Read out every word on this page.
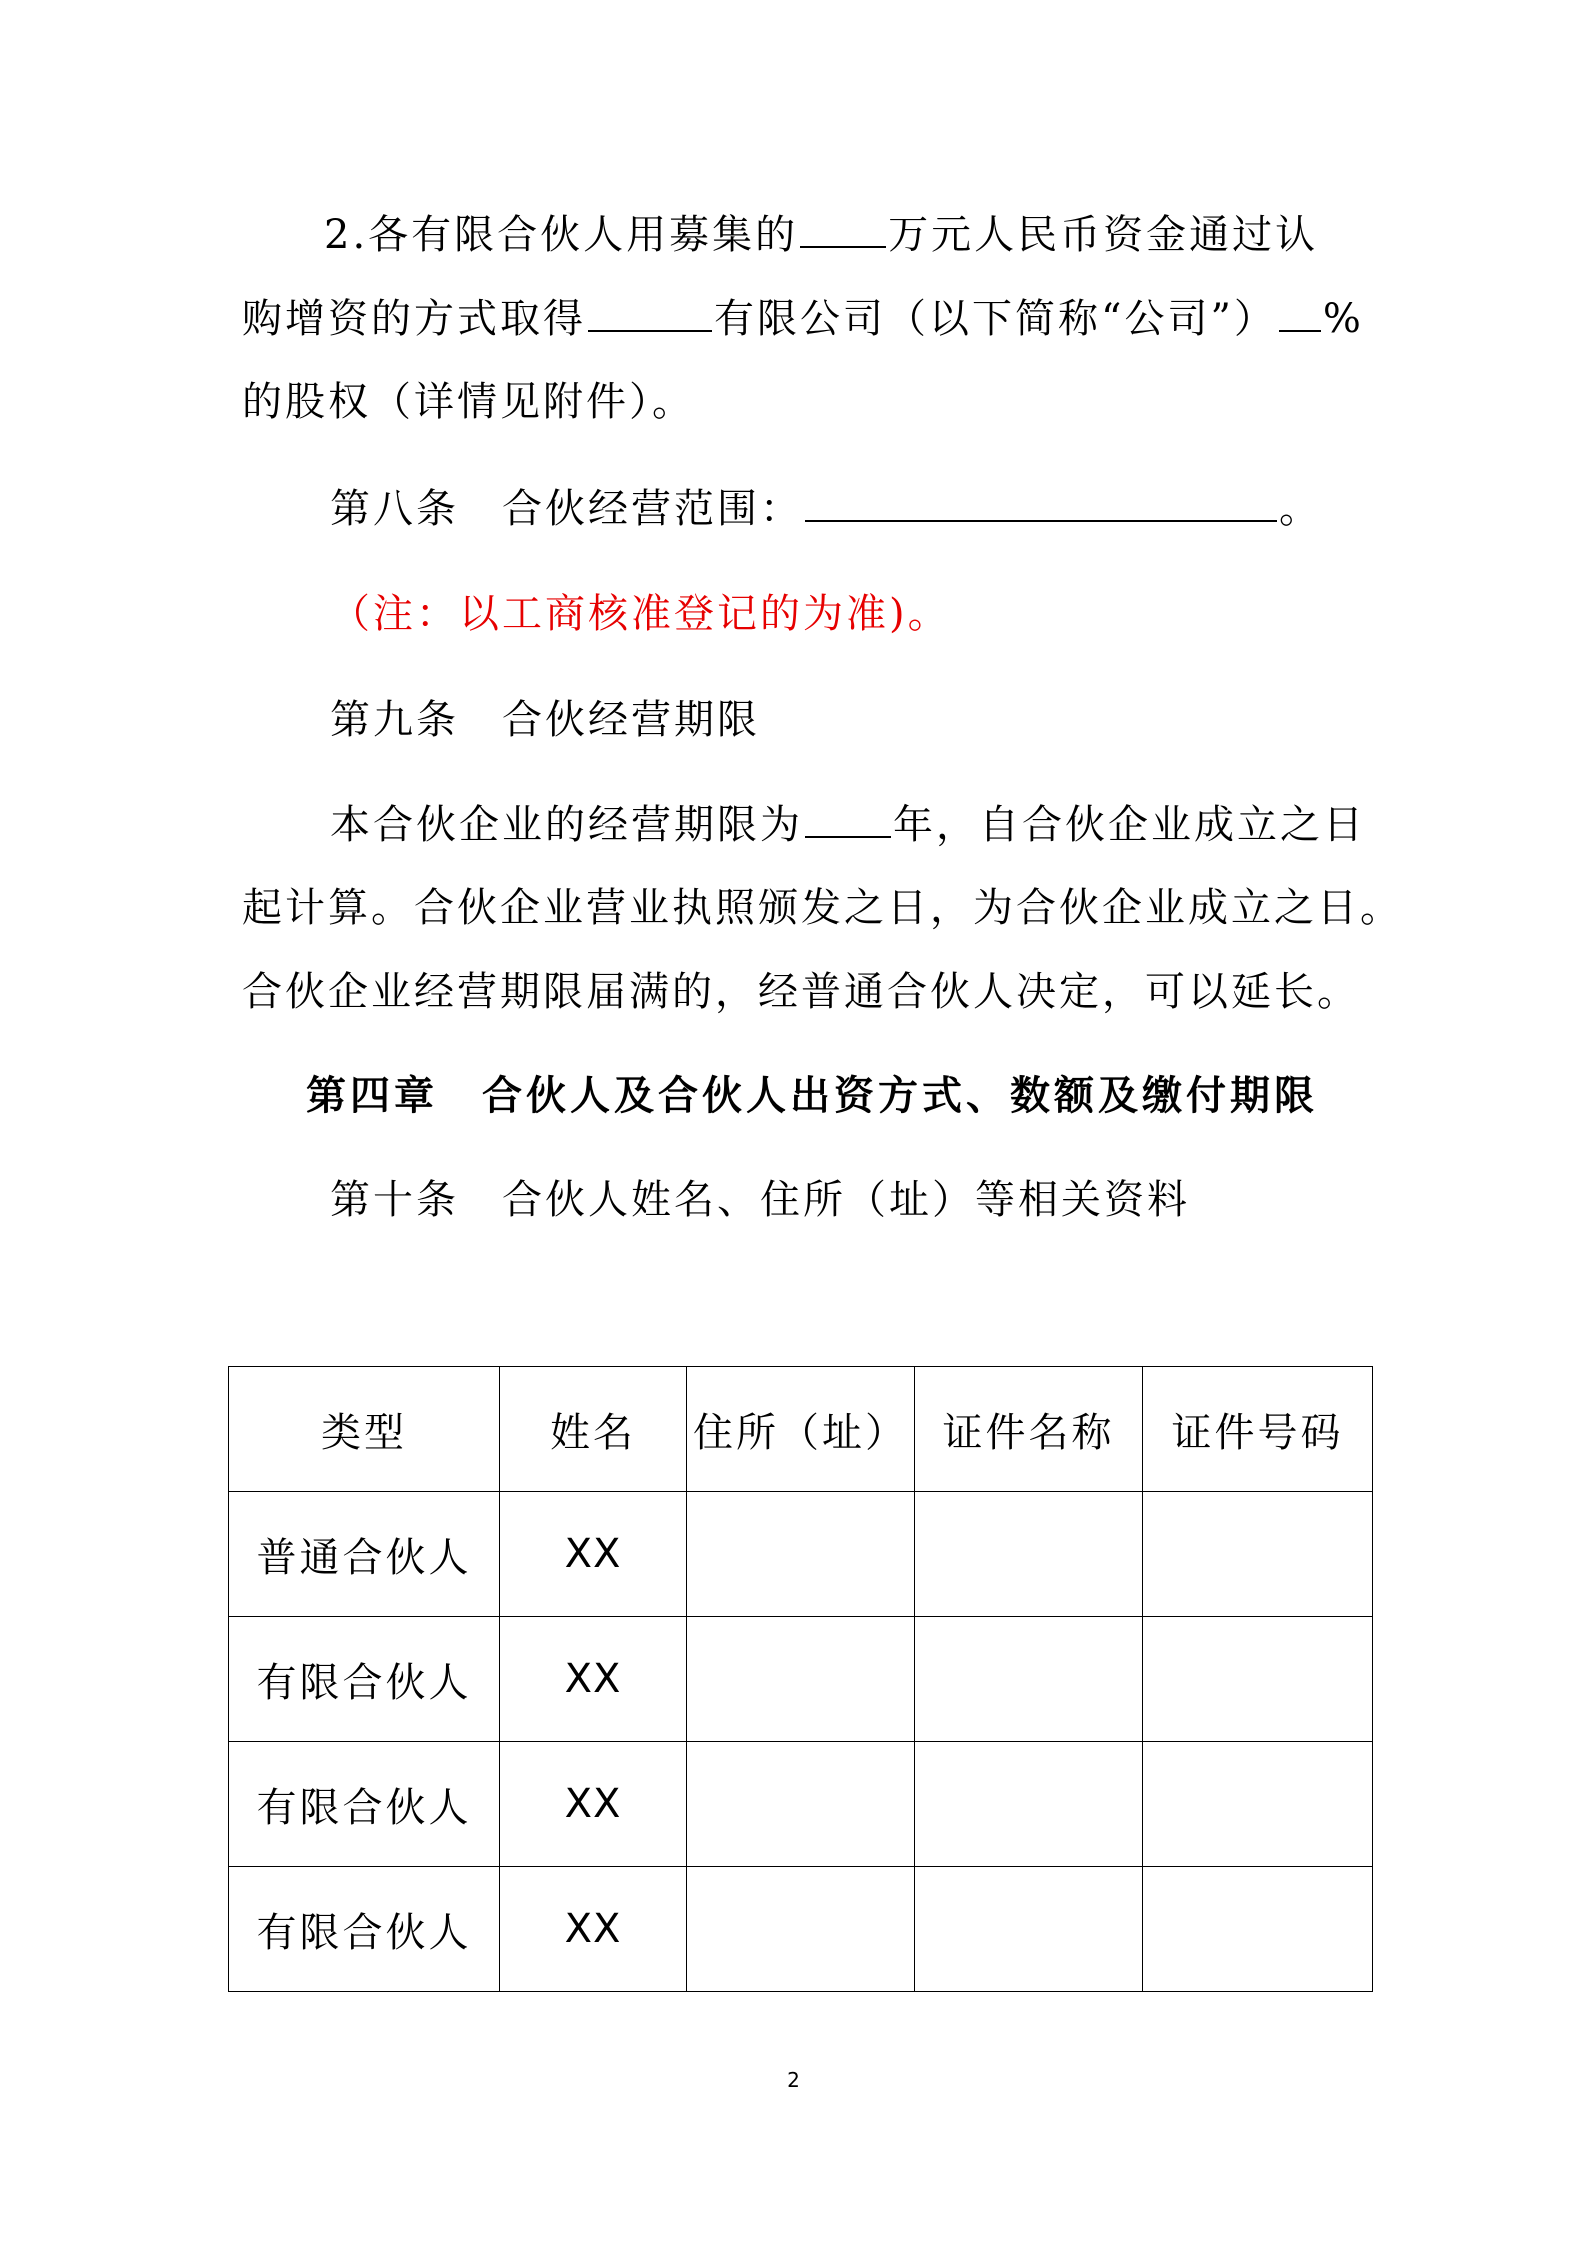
2.各有限合伙人用募集的 万元人民币资金通过认
购增资的方式取得	有限公司（以下简称“公司”） %
的股权（详情见附件）。
第八条　合伙经营范围：	。
（注：以工商核准登记的为准)。
第九条　合伙经营期限
本合伙企业的经营期限为 年，自合伙企业成立之日
起计算。合伙企业营业执照颁发之日，为合伙企业成立之日。
合伙企业经营期限届满的，经普通合伙人决定，可以延长。
第四章　合伙人及合伙人出资方式、数额及缴付期限
第十条　合伙人姓名、住所（址）等相关资料
类型	姓名	住所（址）	证件名称	证件号码
普通合伙人	XX			
有限合伙人	XX			
有限合伙人	XX			
有限合伙人	XX			
2
